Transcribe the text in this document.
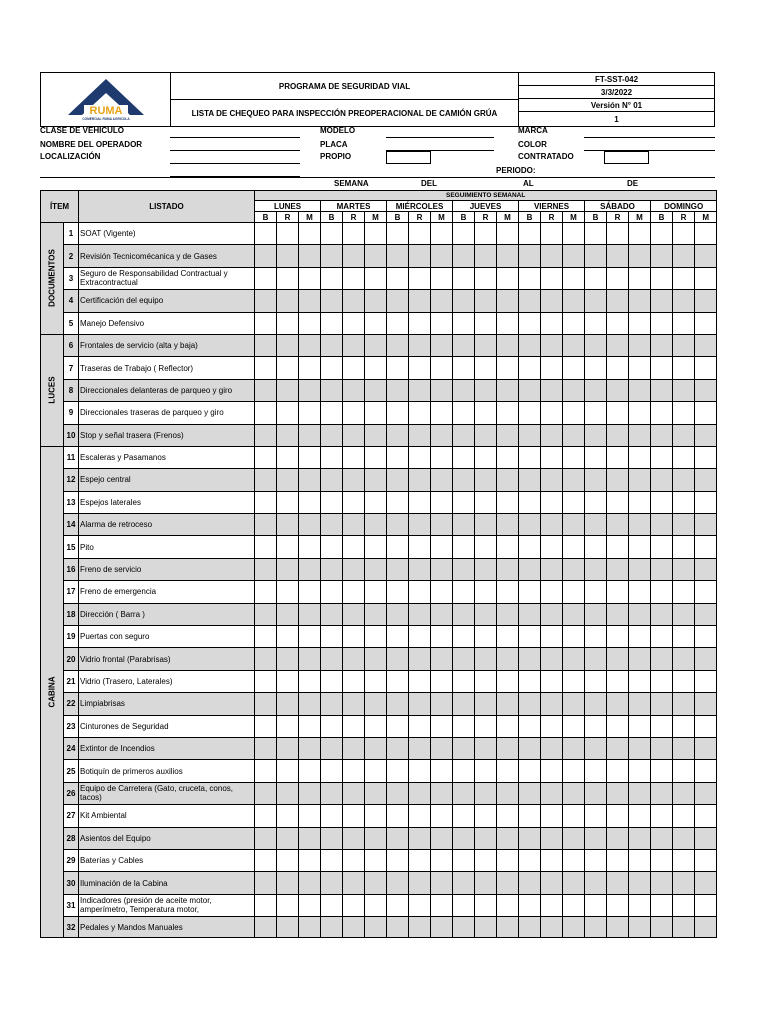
RUMA
COMERCIAL RUMA AGRICOLA
PROGRAMA DE SEGURIDAD VIAL
LISTA DE CHEQUEO PARA INSPECCIÓN PREOPERACIONAL DE CAMIÓN GRÚA
FT-SST-042
3/3/2022
Versión N° 01
1
CLASE DE VEHICULO
NOMBRE DEL OPERADOR
LOCALIZACIÓN
MODELO
PLACA
PROPIO
MARCA
COLOR
CONTRATADO
PERIODO:
SEMANA	DEL	AL	DE
ÍTEM		LISTADO	SEGUIMIENTO SEMANAL																				
			LUNES			MARTES			MIÉRCOLES			JUEVES			VIERNES			SÁBADO			DOMINGO		
			B	R	M	B	R	M	B	R	M	B	R	M	B	R	M	B	R	M	B	R	M

DOCUMENTOS	1	SOAT (Vigente)																					
	2	Revisión Tecnicomécanica y de Gases																					
	3	Seguro de Responsabilidad Contractual y Extracontractual																					
	4	Certificación del equipo																					
	5	Manejo Defensivo																					

LUCES	6	Frontales de servicio (alta y baja)																					
	7	Traseras de Trabajo ( Reflector)																					
	8	Direccionales delanteras de parqueo y giro																					
	9	Direccionales traseras de parqueo y giro																					
	10	Stop y señal trasera (Frenos)																					

CABINA	11	Escaleras y Pasamanos																					
	12	Espejo central																					
	13	Espejos laterales																					
	14	Alarma de retroceso																					
	15	Pito																					
	16	Freno de servicio																					
	17	Freno de emergencia																					
	18	Dirección ( Barra )																					
	19	Puertas con seguro																					
	20	Vidrio frontal (Parabrisas)																					
	21	Vidrio (Trasero, Laterales)																					
	22	Limpiabrisas																					
	23	Cinturones de Seguridad																					
	24	Extintor de Incendios																					
	25	Botiquín de primeros auxilios																					
	26	Equipo de Carretera (Gato, cruceta, conos, tacos)																					
	27	Kit Ambiental																					
	28	Asientos del Equipo																					
	29	Baterías y Cables																					
	30	Iluminación de la Cabina																					
	31	Indicadores (presión de aceite motor, amperímetro, Temperatura motor,																					
	32	Pedales y Mandos Manuales																					
